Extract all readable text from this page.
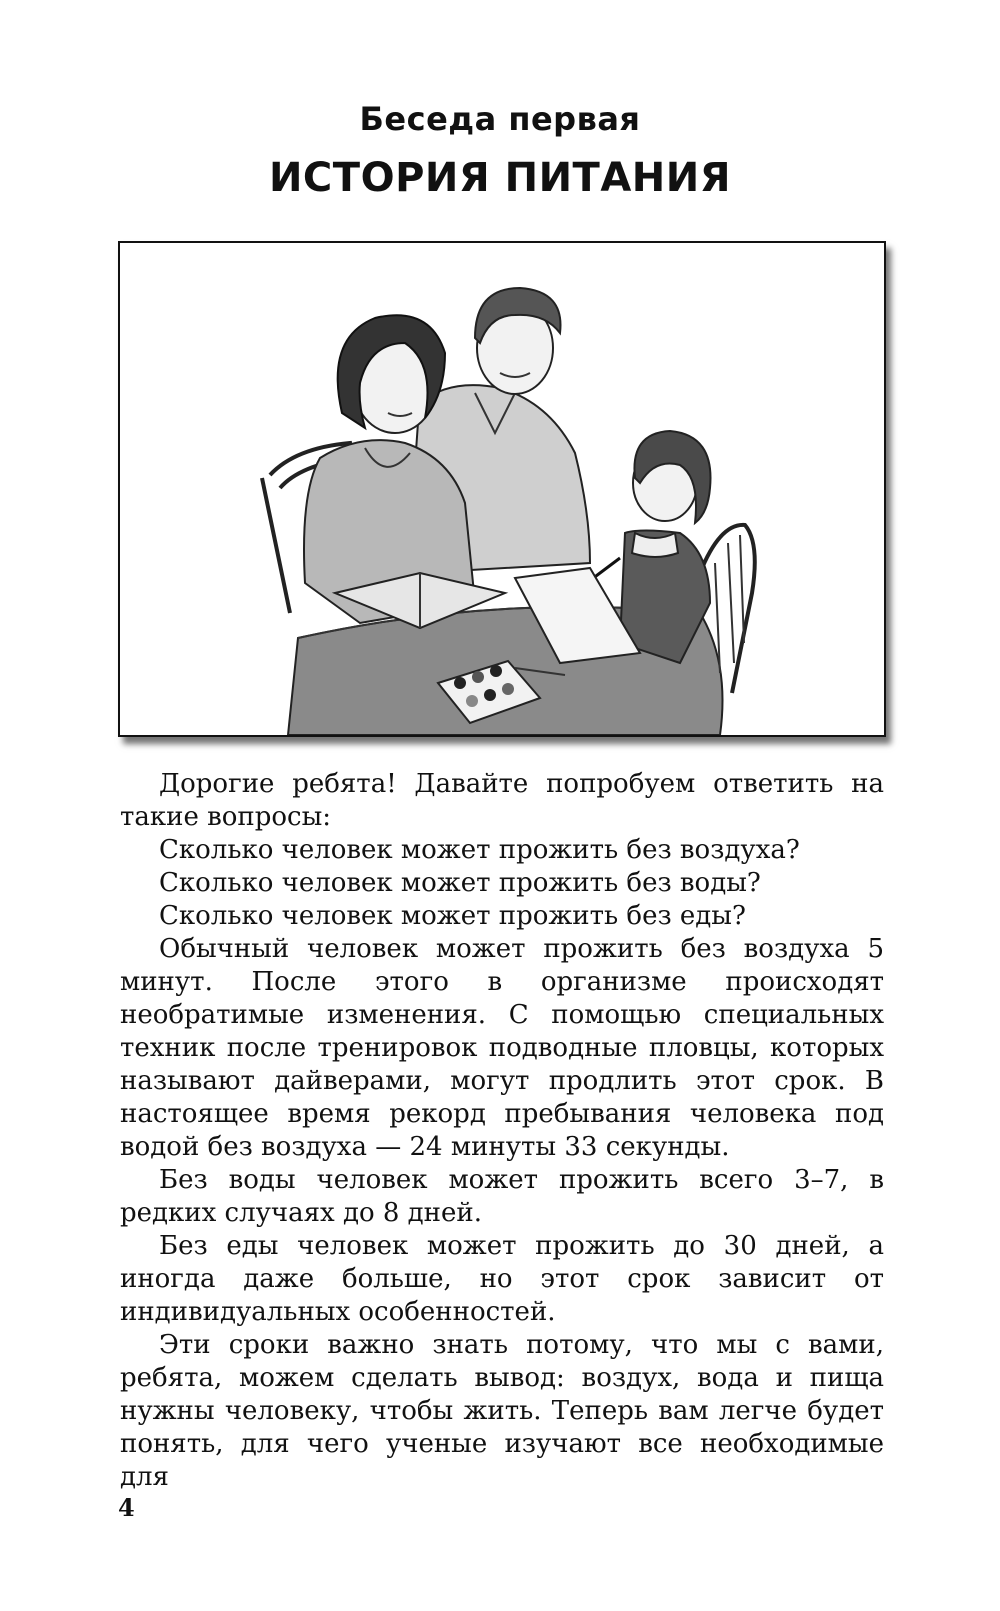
Беседа первая
ИСТОРИЯ ПИТАНИЯ

Дорогие ребята! Давайте попробуем ответить на такие вопросы:

Сколько человек может прожить без воздуха?

Сколько человек может прожить без воды?

Сколько человек может прожить без еды?

Обычный человек может прожить без воздуха 5 минут. После этого в организме происходят необратимые изменения. С помощью специальных техник после тренировок подводные пловцы, которых называют дайверами, могут продлить этот срок. В настоящее время рекорд пребывания человека под водой без воздуха — 24 минуты 33 секунды.

Без воды человек может прожить всего 3–7, в редких случаях до 8 дней.

Без еды человек может прожить до 30 дней, а иногда даже больше, но этот срок зависит от индивидуальных особенностей.

Эти сроки важно знать потому, что мы с вами, ребята, можем сделать вывод: воздух, вода и пища нужны человеку, чтобы жить. Теперь вам легче будет понять, для чего ученые изучают все необходимые для

4
